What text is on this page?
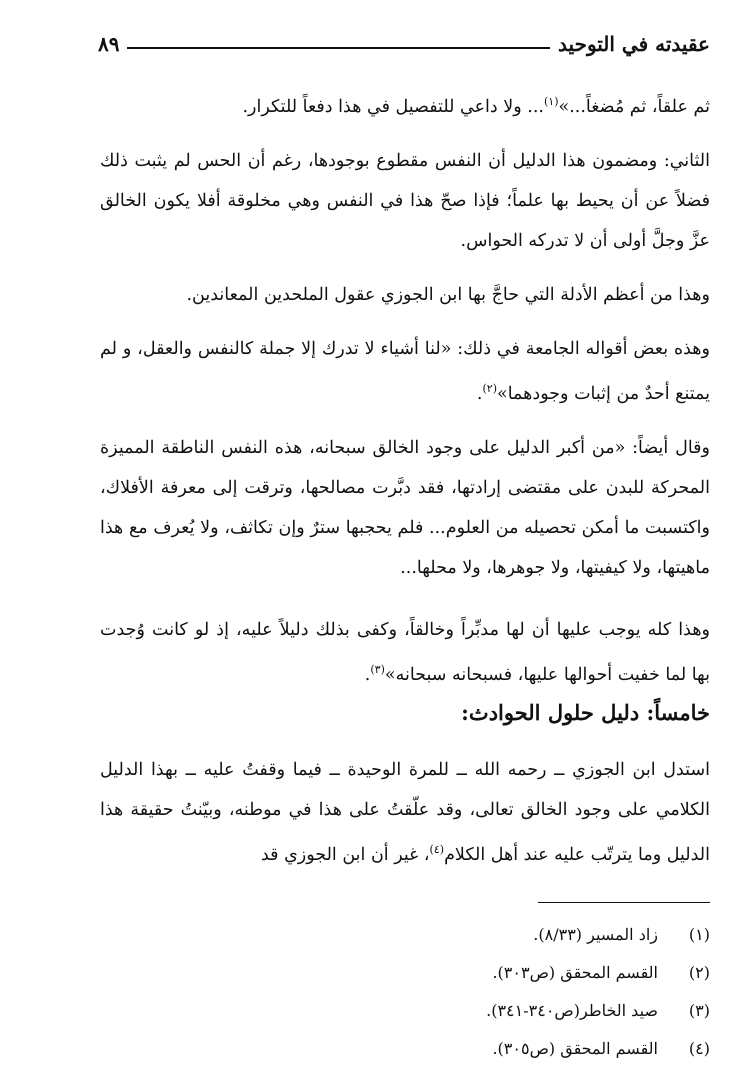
عقيدته في التوحيد
٨٩

ثم علقاً، ثم مُضغاً...»$^{(١)}$... ولا داعي للتفصيل في هذا دفعاً للتكرار.

الثاني: ومضمون هذا الدليل أن النفس مقطوع بوجودها، رغم أن الحس لم يثبت ذلك فضلاً عن أن يحيط بها علماً؛ فإذا صحّ هذا في النفس وهي مخلوقة أفلا يكون الخالق عزَّ وجلَّ أولى أن لا تدركه الحواس.

وهذا من أعظم الأدلة التي حاجَّ بها ابن الجوزي عقول الملحدين المعاندين.

وهذه بعض أقواله الجامعة في ذلك: «لنا أشياء لا تدرك إلا جملة كالنفس والعقل، و لم يمتنع أحدٌ من إثبات وجودهما»$^{(٢)}$.

وقال أيضاً: «من أكبر الدليل على وجود الخالق سبحانه، هذه النفس الناطقة المميزة المحركة للبدن على مقتضى إرادتها، فقد دبَّرت مصالحها، وترقت إلى معرفة الأفلاك، واكتسبت ما أمكن تحصيله من العلوم... فلم يحجبها سترٌ وإن تكاثف، ولا يُعرف مع هذا ماهيتها، ولا كيفيتها، ولا جوهرها، ولا محلها...

وهذا كله يوجب عليها أن لها مدبِّراً وخالقاً، وكفى بذلك دليلاً عليه، إذ لو كانت وُجدت بها لما خفيت أحوالها عليها، فسبحانه سبحانه»$^{(٣)}$.

خامساً: دليل حلول الحوادث:

استدل ابن الجوزي ــ رحمه الله ــ للمرة الوحيدة ــ فيما وقفتُ عليه ــ بهذا الدليل الكلامي على وجود الخالق تعالى، وقد علّقتُ على هذا في موطنه، وبيّنتُ حقيقة هذا الدليل وما يترتّب عليه عند أهل الكلام$^{(٤)}$، غير أن ابن الجوزي قد

(١)
زاد المسير (٨/٣٣).
(٢)
القسم المحقق (ص٣٠٣).
(٣)
صيد الخاطر(ص٣٤٠-٣٤١).
(٤)
القسم المحقق (ص٣٠٥).
